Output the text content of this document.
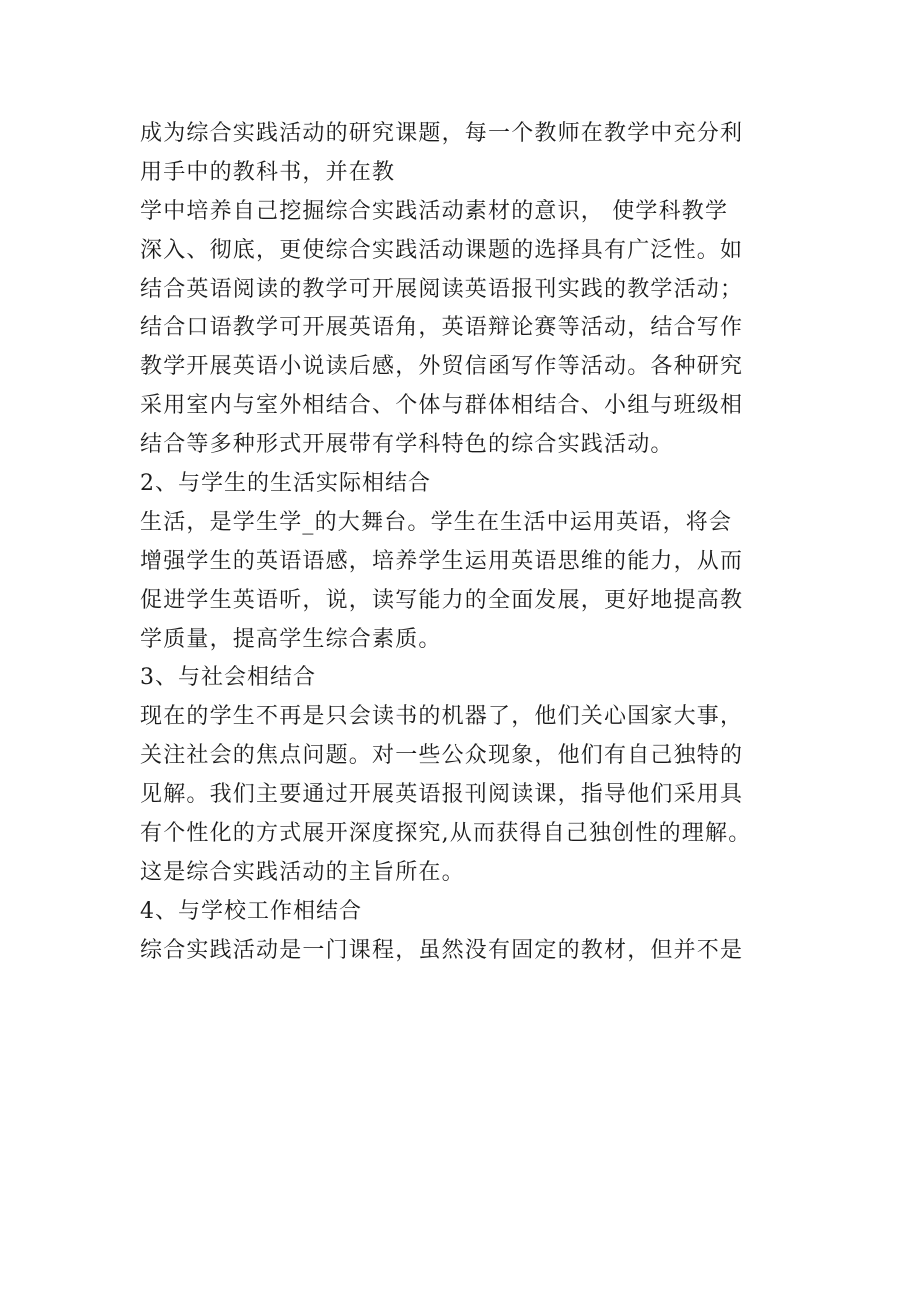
成为综合实践活动的研究课题，每一个教师在教学中充分利
用手中的教科书，并在教
学中培养自己挖掘综合实践活动素材的意识， 使学科教学
深入、彻底，更使综合实践活动课题的选择具有广泛性。如
结合英语阅读的教学可开展阅读英语报刊实践的教学活动；
结合口语教学可开展英语角，英语辩论赛等活动，结合写作
教学开展英语小说读后感，外贸信函写作等活动。各种研究
采用室内与室外相结合、个体与群体相结合、小组与班级相
结合等多种形式开展带有学科特色的综合实践活动。
2、与学生的生活实际相结合
生活，是学生学_的大舞台。学生在生活中运用英语，将会
增强学生的英语语感，培养学生运用英语思维的能力，从而
促进学生英语听，说，读写能力的全面发展，更好地提高教
学质量，提高学生综合素质。
3、与社会相结合
现在的学生不再是只会读书的机器了，他们关心国家大事，
关注社会的焦点问题。对一些公众现象，他们有自己独特的
见解。我们主要通过开展英语报刊阅读课，指导他们采用具
有个性化的方式展开深度探究,从而获得自己独创性的理解。
这是综合实践活动的主旨所在。
4、与学校工作相结合
综合实践活动是一门课程，虽然没有固定的教材，但并不是
